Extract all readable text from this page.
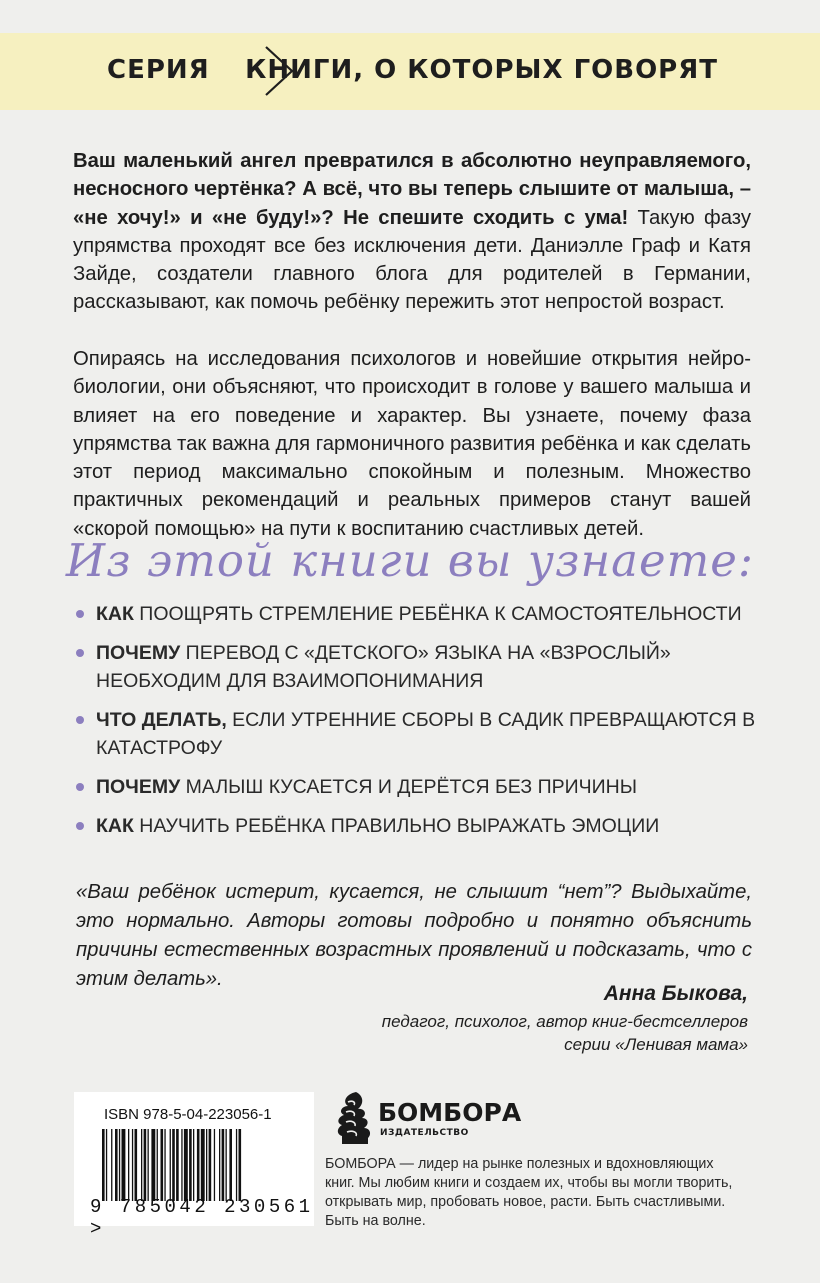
СЕРИЯ КНИГИ, О КОТОРЫХ ГОВОРЯТ
Ваш маленький ангел превратился в абсолютно неуправляемого, несносного чертёнка? А всё, что вы теперь слышите от малыша, – «не хочу!» и «не буду!»? Не спешите сходить с ума! Такую фазу упрямства проходят все без исключения дети. Даниэлле Граф и Катя Зайде, создатели главного блога для родителей в Германии, рассказывают, как помочь ребёнку пережить этот непростой возраст.
Опираясь на исследования психологов и новейшие открытия нейробиологии, они объясняют, что происходит в голове у вашего малыша и влияет на его поведение и характер. Вы узнаете, почему фаза упрямства так важна для гармоничного развития ребёнка и как сделать этот период максимально спокойным и полезным. Множество практичных рекомендаций и реальных примеров станут вашей «скорой помощью» на пути к воспитанию счастливых детей.
Из этой книги вы узнаете:
КАК ПООЩРЯТЬ СТРЕМЛЕНИЕ РЕБЁНКА К САМОСТОЯТЕЛЬНОСТИ
ПОЧЕМУ ПЕРЕВОД С «ДЕТСКОГО» ЯЗЫКА НА «ВЗРОСЛЫЙ» НЕОБХОДИМ ДЛЯ ВЗАИМОПОНИМАНИЯ
ЧТО ДЕЛАТЬ, ЕСЛИ УТРЕННИЕ СБОРЫ В САДИК ПРЕВРАЩАЮТСЯ В КАТАСТРОФУ
ПОЧЕМУ МАЛЫШ КУСАЕТСЯ И ДЕРЁТСЯ БЕЗ ПРИЧИНЫ
КАК НАУЧИТЬ РЕБЁНКА ПРАВИЛЬНО ВЫРАЖАТЬ ЭМОЦИИ
«Ваш ребёнок истерит, кусается, не слышит “нет”? Выдыхайте, это нормально. Авторы готовы подробно и понятно объяснить причины естественных возрастных проявлений и подсказать, что с этим делать».
Анна Быкова,
педагог, психолог, автор книг-бестселлеров
серии «Ленивая мама»
ISBN 978-5-04-223056-1
9 785042 230561 >
БОМБОРА
ИЗДАТЕЛЬСТВО
БОМБОРА — лидер на рынке полезных и вдохновляющих книг. Мы любим книги и создаем их, чтобы вы могли творить, открывать мир, пробовать новое, расти. Быть счастливыми. Быть на волне.
